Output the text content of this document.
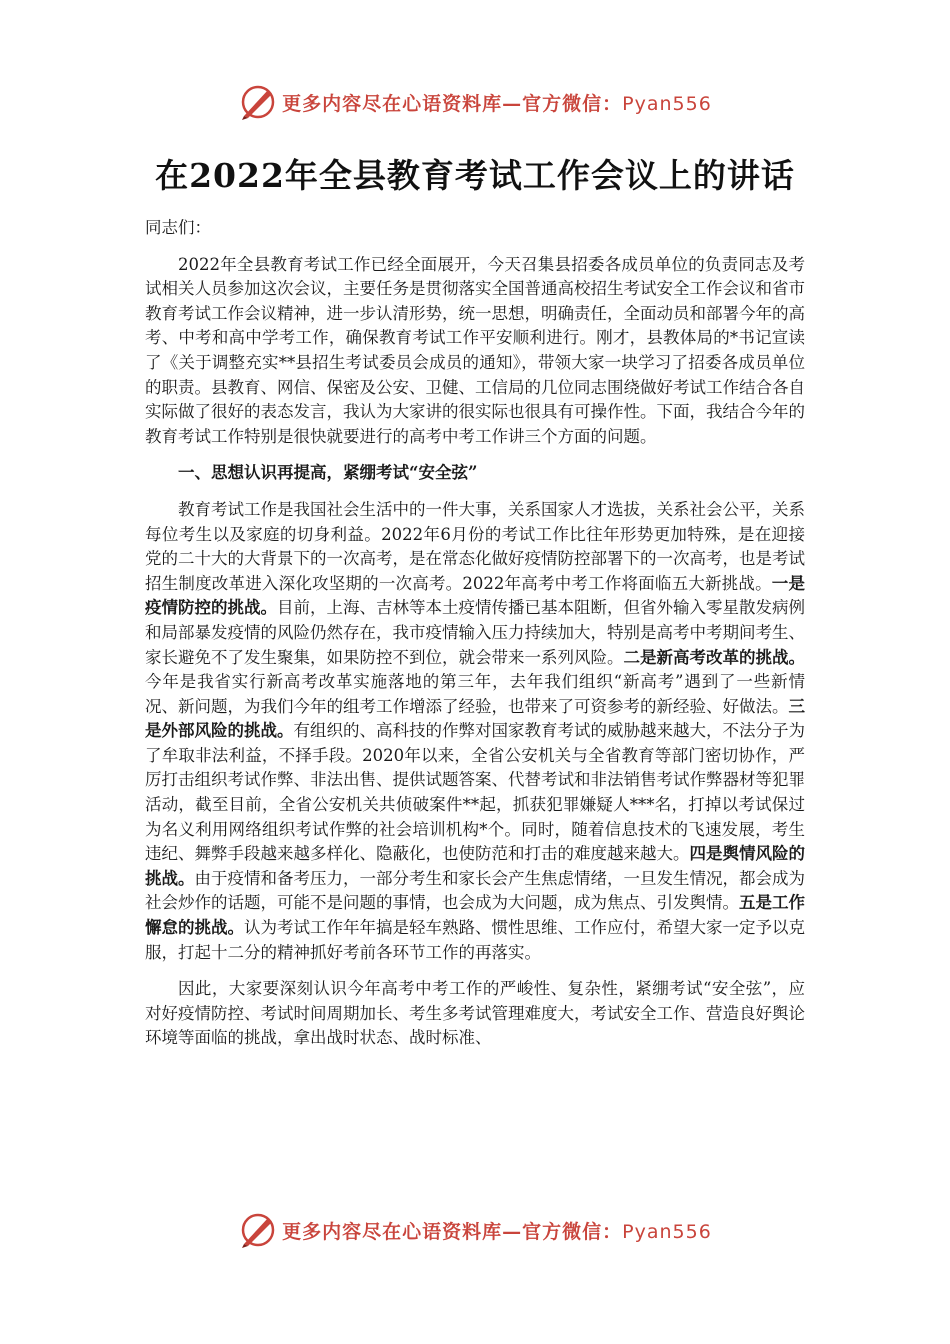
更多内容尽在心语资料库—官方微信：Pyan556
在2022年全县教育考试工作会议上的讲话

同志们：

2022年全县教育考试工作已经全面展开，今天召集县招委各成员单位的负责同志及考试相关人员参加这次会议，主要任务是贯彻落实全国普通高校招生考试安全工作会议和省市教育考试工作会议精神，进一步认清形势，统一思想，明确责任，全面动员和部署今年的高考、中考和高中学考工作，确保教育考试工作平安顺利进行。刚才，县教体局的*书记宣读了《关于调整充实**县招生考试委员会成员的通知》，带领大家一块学习了招委各成员单位的职责。县教育、网信、保密及公安、卫健、工信局的几位同志围绕做好考试工作结合各自实际做了很好的表态发言，我认为大家讲的很实际也很具有可操作性。下面，我结合今年的教育考试工作特别是很快就要进行的高考中考工作讲三个方面的问题。

一、思想认识再提高，紧绷考试“安全弦”

教育考试工作是我国社会生活中的一件大事，关系国家人才选拔，关系社会公平，关系每位考生以及家庭的切身利益。2022年6月份的考试工作比往年形势更加特殊，是在迎接党的二十大的大背景下的一次高考，是在常态化做好疫情防控部署下的一次高考，也是考试招生制度改革进入深化攻坚期的一次高考。2022年高考中考工作将面临五大新挑战。一是疫情防控的挑战。目前，上海、吉林等本土疫情传播已基本阻断，但省外输入零星散发病例和局部暴发疫情的风险仍然存在，我市疫情输入压力持续加大，特别是高考中考期间考生、家长避免不了发生聚集，如果防控不到位，就会带来一系列风险。二是新高考改革的挑战。今年是我省实行新高考改革实施落地的第三年，去年我们组织“新高考”遇到了一些新情况、新问题，为我们今年的组考工作增添了经验，也带来了可资参考的新经验、好做法。三是外部风险的挑战。有组织的、高科技的作弊对国家教育考试的威胁越来越大，不法分子为了牟取非法利益，不择手段。2020年以来，全省公安机关与全省教育等部门密切协作，严厉打击组织考试作弊、非法出售、提供试题答案、代替考试和非法销售考试作弊器材等犯罪活动，截至目前，全省公安机关共侦破案件**起，抓获犯罪嫌疑人***名，打掉以考试保过为名义利用网络组织考试作弊的社会培训机构*个。同时，随着信息技术的飞速发展，考生违纪、舞弊手段越来越多样化、隐蔽化，也使防范和打击的难度越来越大。四是舆情风险的挑战。由于疫情和备考压力，一部分考生和家长会产生焦虑情绪，一旦发生情况，都会成为社会炒作的话题，可能不是问题的事情，也会成为大问题，成为焦点、引发舆情。五是工作懈怠的挑战。认为考试工作年年搞是轻车熟路、惯性思维、工作应付，希望大家一定予以克服，打起十二分的精神抓好考前各环节工作的再落实。

因此，大家要深刻认识今年高考中考工作的严峻性、复杂性，紧绷考试“安全弦”，应对好疫情防控、考试时间周期加长、考生多考试管理难度大，考试安全工作、营造良好舆论环境等面临的挑战，拿出战时状态、战时标准、

更多内容尽在心语资料库—官方微信：Pyan556
